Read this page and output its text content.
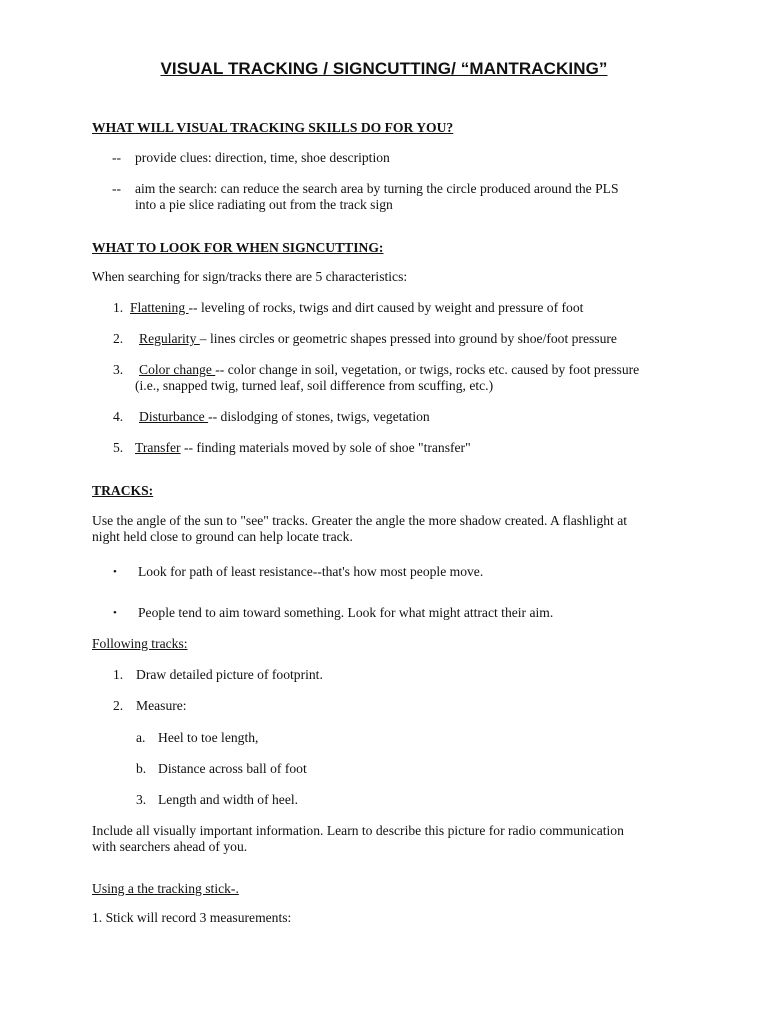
VISUAL TRACKING / SIGNCUTTING/ “MANTRACKING”
WHAT WILL VISUAL TRACKING SKILLS DO FOR YOU?
-- provide clues: direction, time, shoe description
-- aim the search: can reduce the search area by turning the circle produced around the PLS
into a pie slice radiating out from the track sign
WHAT TO LOOK FOR WHEN SIGNCUTTING:
When searching for sign/tracks there are 5 characteristics:
1. Flattening -- leveling of rocks, twigs and dirt caused by weight and pressure of foot
2. Regularity – lines circles or geometric shapes pressed into ground by shoe/foot pressure
3. Color change -- color change in soil, vegetation, or twigs, rocks etc. caused by foot pressure
(i.e., snapped twig, turned leaf, soil difference from scuffing, etc.)
4. Disturbance -- dislodging of stones, twigs, vegetation
5. Transfer -- finding materials moved by sole of shoe "transfer"
TRACKS:
Use the angle of the sun to "see" tracks. Greater the angle the more shadow created. A flashlight at
night held close to ground can help locate track.
• Look for path of least resistance--that's how most people move.
• People tend to aim toward something. Look for what might attract their aim.
Following tracks:
1. Draw detailed picture of footprint.
2. Measure:
a. Heel to toe length,
b. Distance across ball of foot
3. Length and width of heel.
Include all visually important information. Learn to describe this picture for radio communication
with searchers ahead of you.
Using a the tracking stick-.
1. Stick will record 3 measurements:
